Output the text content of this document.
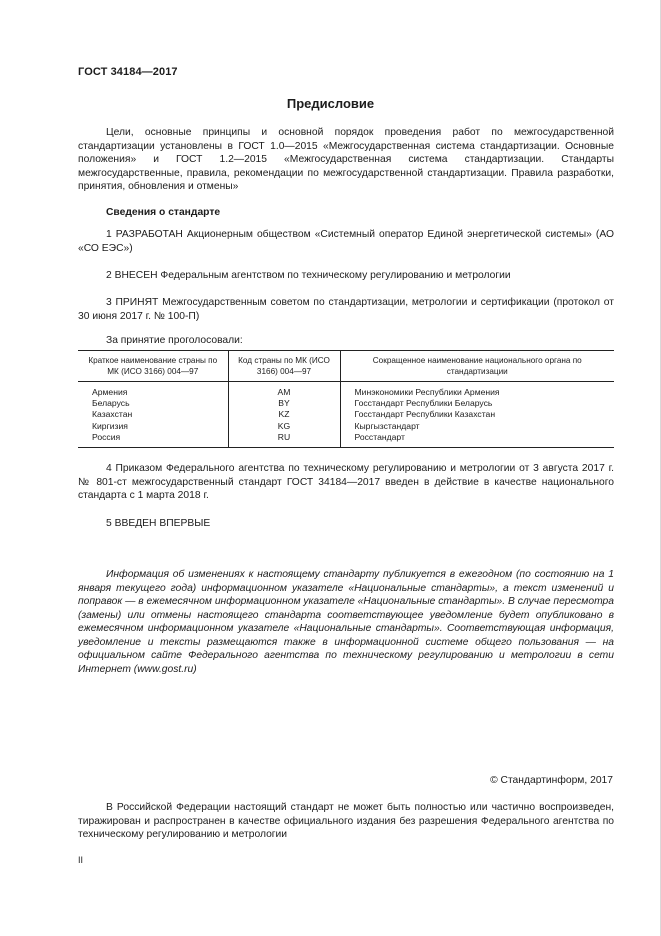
ГОСТ 34184—2017
Предисловие
Цели, основные принципы и основной порядок проведения работ по межгосударственной стандартизации установлены в ГОСТ 1.0—2015 «Межгосударственная система стандартизации. Основные положения» и ГОСТ 1.2—2015 «Межгосударственная система стандартизации. Стандарты межгосударственные, правила, рекомендации по межгосударственной стандартизации. Правила разработки, принятия, обновления и отмены»
Сведения о стандарте
1 РАЗРАБОТАН Акционерным обществом «Системный оператор Единой энергетической системы» (АО «СО ЕЭС»)
2 ВНЕСЕН Федеральным агентством по техническому регулированию и метрологии
3 ПРИНЯТ Межгосударственным советом по стандартизации, метрологии и сертификации (протокол от 30 июня 2017 г. № 100-П)
За принятие проголосовали:
Краткое наименование страны по МК (ИСО 3166) 004—97	Код страны по МК (ИСО 3166) 004—97	Сокращенное наименование национального органа по стандартизации
Армения	AM	Минэкономики Республики Армения
Беларусь	BY	Госстандарт Республики Беларусь
Казахстан	KZ	Госстандарт Республики Казахстан
Киргизия	KG	Кыргызстандарт
Россия	RU	Росстандарт
4 Приказом Федерального агентства по техническому регулированию и метрологии от 3 августа 2017 г. № 801-ст межгосударственный стандарт ГОСТ 34184—2017 введен в действие в качестве национального стандарта с 1 марта 2018 г.
5 ВВЕДЕН ВПЕРВЫЕ
Информация об изменениях к настоящему стандарту публикуется в ежегодном (по состоянию на 1 января текущего года) информационном указателе «Национальные стандарты», а текст изменений и поправок — в ежемесячном информационном указателе «Национальные стандарты». В случае пересмотра (замены) или отмены настоящего стандарта соответствующее уведомление будет опубликовано в ежемесячном информационном указателе «Национальные стандарты». Соответствующая информация, уведомление и тексты размещаются также в информационной системе общего пользования — на официальном сайте Федерального агентства по техническому регулированию и метрологии в сети Интернет (www.gost.ru)
© Стандартинформ, 2017
В Российской Федерации настоящий стандарт не может быть полностью или частично воспроизведен, тиражирован и распространен в качестве официального издания без разрешения Федерального агентства по техническому регулированию и метрологии
II
